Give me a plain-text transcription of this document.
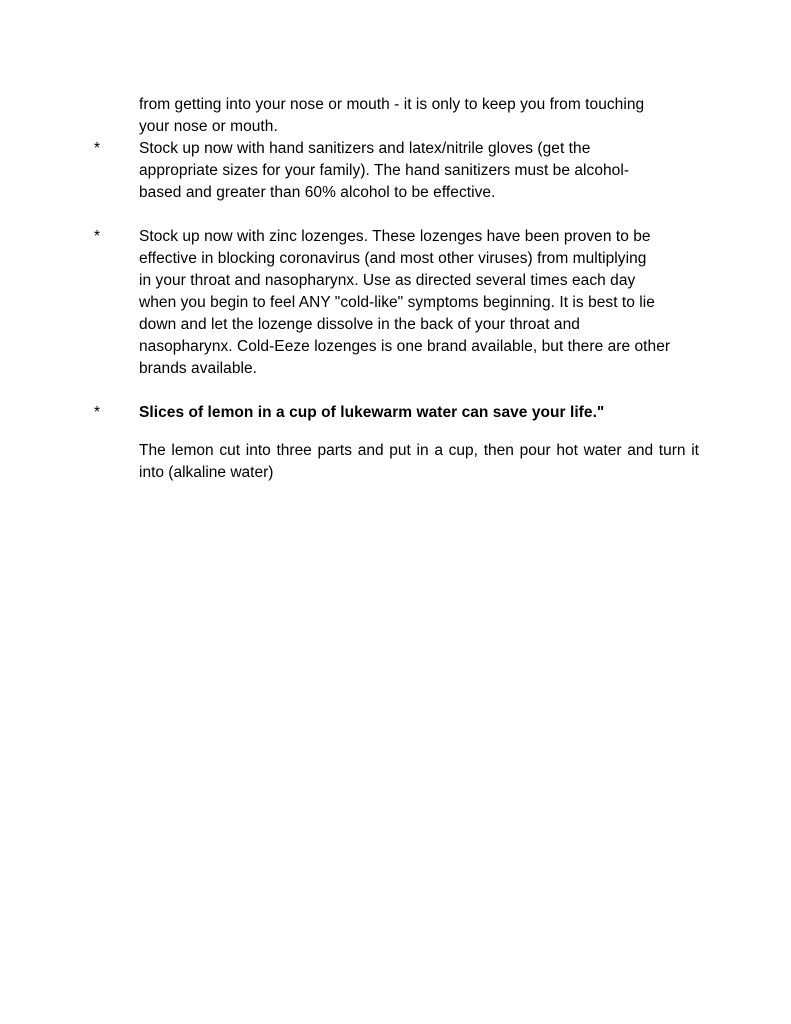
from getting into your nose or mouth - it is only to keep you from touching
your nose or mouth.
*	Stock up now with hand sanitizers and latex/nitrile gloves (get the
appropriate sizes for your family). The hand sanitizers must be alcohol-
based and greater than 60% alcohol to be effective.
*	Stock up now with zinc lozenges. These lozenges have been proven to be
effective in blocking coronavirus (and most other viruses) from multiplying
in your throat and nasopharynx. Use as directed several times each day
when you begin to feel ANY "cold-like" symptoms beginning. It is best to lie
down and let the lozenge dissolve in the back of your throat and
nasopharynx. Cold-Eeze lozenges is one brand available, but there are other
brands available.
*	Slices of lemon in a cup of lukewarm water can save your life."
The lemon cut into three parts and put in a cup, then pour hot water and turn it into (alkaline water)
